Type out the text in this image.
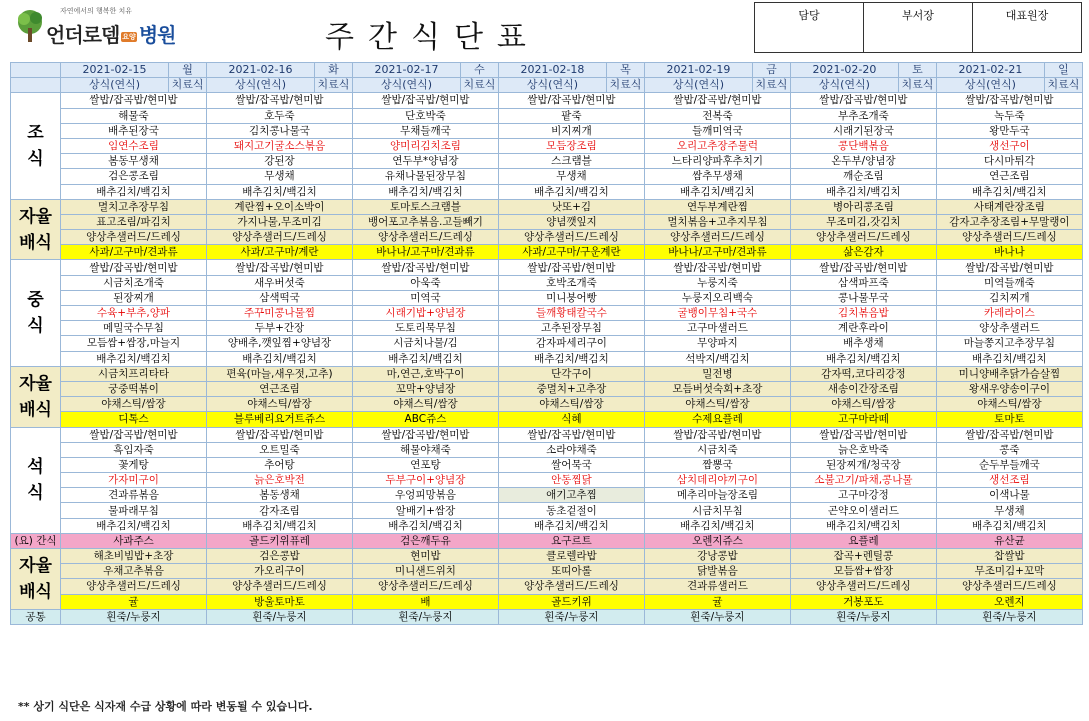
자연에서의 행복한 치유
언더로뎀 요양 병원	주간식단표
담당	부서장	대표원장
	2021-02-15	월	2021-02-16	화	2021-02-17	수	2021-02-18	목	2021-02-19	금	2021-02-20	토	2021-02-21	일
	상식(연식)	치료식	상식(연식)	치료식	상식(연식)	치료식	상식(연식)	치료식	상식(연식)	치료식	상식(연식)	치료식	상식(연식)	치료식
조
식	쌀밥/잡곡밥/현미밥		쌀밥/잡곡밥/현미밥		쌀밥/잡곡밥/현미밥		쌀밥/잡곡밥/현미밥		쌀밥/잡곡밥/현미밥		쌀밥/잡곡밥/현미밥		쌀밥/잡곡밥/현미밥	
	해물죽		호두죽		단호박죽		팥죽		전복죽		부추조개죽		녹두죽	
	배추된장국		김치콩나물국		무채들깨국		비지찌개		들깨미역국		시래기된장국		왕만두국	
	임연수조림		돼지고기굴소스볶음		양미리김치조림		모듬장조림		오리고추장주물럭		콩단백볶음		생선구이	
	봄동무생채		강된장		연두부*양념장		스크램블		느타리양파후추치기		온두부/양념장		다시마튀각	
	검은콩조림		무생채		유채나물된장무침		무생채		쌈추무생채		깨순조림		연근조림	
	배추김치/백김치		배추김치/백김치		배추김치/백김치		배추김치/백김치		배추김치/백김치		배추김치/백김치		배추김치/백김치	
자율
배식	멸치고추장무침		계란찜+오이소박이		토마토스크램블		낫또+김		연두부계란찜		병아리콩조림		사태계란장조림	
	표고조림/파김치		가지나물,무조미김		뱅어포고추볶음.고들빼기		양념깻잎지		멸치볶음+고추지무침		무조미김,갓김치		감자고추장조림+무말랭이	
	양상추샐러드/드레싱		양상추샐러드/드레싱		양상추샐러드/드레싱		양상추샐러드/드레싱		양상추샐러드/드레싱		양상추샐러드/드레싱		양상추샐러드/드레싱	
	사과/고구마/견과류		사과/고구마/계란		바나나/고구마/견과류		사과/고구마/구운계란		바나나/고구마/견과류		삶은감자		바나나	
중
식	쌀밥/잡곡밥/현미밥		쌀밥/잡곡밥/현미밥		쌀밥/잡곡밥/현미밥		쌀밥/잡곡밥/현미밥		쌀밥/잡곡밥/현미밥		쌀밥/잡곡밥/현미밥		쌀밥/잡곡밥/현미밥	
	시금치조개죽		새우버섯죽		아욱죽		호박조개죽		누룽지죽		삼색파프죽		미역들깨죽	
	된장찌개		삼색떡국		미역국		미니붕어빵		누룽지오리백숙		콩나물무국		김치찌개	
	수육+부추,양파		주꾸미콩나물찜		시래기밥+양념장		들깨황태칼국수		굴뱅이무침+국수		김치볶음밥		카레라이스	
	메밀국수무침		두부+간장		도토리묵무침		고추된장무침		고구마샐러드		계란후라이		양상추샐러드	
	모듬쌈+쌈장,마늘지		양배추,깻잎찜+양념장		시금치나물/김		감자파세리구이		무양파지		배추생채		마늘쫑지고추장무침	
	배추김치/백김치		배추김치/백김치		배추김치/백김치		배추김치/백김치		석박지/백김치		배추김치/백김치		배추김치/백김치	
자율
배식	시금치프리타타		편육(마늘,새우젓,고추)		마,연근,호박구이		단각구이		밀전병		감자떡,코다리강정		미니양배추닭가슴살찜	
	궁중떡볶이		연근조림		꼬막+양념장		중멸치+고추장		모듬버섯숙회+초장		새송이간장조림		왕새우양송이구이	
	야채스틱/쌈장		야채스틱/쌈장		야채스틱/쌈장		야채스틱/쌈장		야채스틱/쌈장		야채스틱/쌈장		야채스틱/쌈장	
	디톡스		블루베리요거트쥬스		ABC쥬스		식혜		수제요플레		고구마라떼		토마토	
석
식	쌀밥/잡곡밥/현미밥		쌀밥/잡곡밥/현미밥		쌀밥/잡곡밥/현미밥		쌀밥/잡곡밥/현미밥		쌀밥/잡곡밥/현미밥		쌀밥/잡곡밥/현미밥		쌀밥/잡곡밥/현미밥	
	흑임자죽		오트밀죽		해물야채죽		소라야채죽		시금치죽		늙은호박죽		콩죽	
	꽃게탕		추어탕		연포탕		쌀어묵국		짬뽕국		된장찌개/청국장		순두부들깨국	
	가자미구이		늙은호박전		두부구이+양념장		안동찜닭		삼치데리야끼구이		소불고기/파채,콩나물		생선조림	
	견과류볶음		봄동생채		우엉피망볶음		애기고추찜		메추리마늘장조림		고구마강정		이색나물	
	물파래무침		감자조림		알배기+쌈장		동초겉절이		시금치무침		곤약오이샐러드		무생채	
	배추김치/백김치		배추김치/백김치		배추김치/백김치		배추김치/백김치		배추김치/백김치		배추김치/백김치		배추김치/백김치	
(요) 간식	사과주스		골드키위퓨레		검은깨두유		요구르트		오렌지쥬스		요플레		유산균	
자율
배식	해초비빔밥+초장		검은콩밥		현미밥		클로렐라밥		강낭콩밥		잡곡+렌틸콩		찹쌀밥	
	우채고추볶음		가오리구이		미니샌드위치		또띠아롤		닭발볶음		모듬쌈+쌈장		무조미김+꼬막	
	양상추샐러드/드레싱		양상추샐러드/드레싱		양상추샐러드/드레싱		양상추샐러드/드레싱		견과류샐러드		양상추샐러드/드레싱		양상추샐러드/드레싱	
	귤		방울토마토		배		골드키위		귤		거봉포도		오렌지	
공통	흰죽/누룽지		흰죽/누룽지		흰죽/누룽지		흰죽/누룽지		흰죽/누룽지		흰죽/누룽지		흰죽/누룽지	
** 상기 식단은 식자재 수급 상황에 따라 변동될 수 있습니다.
